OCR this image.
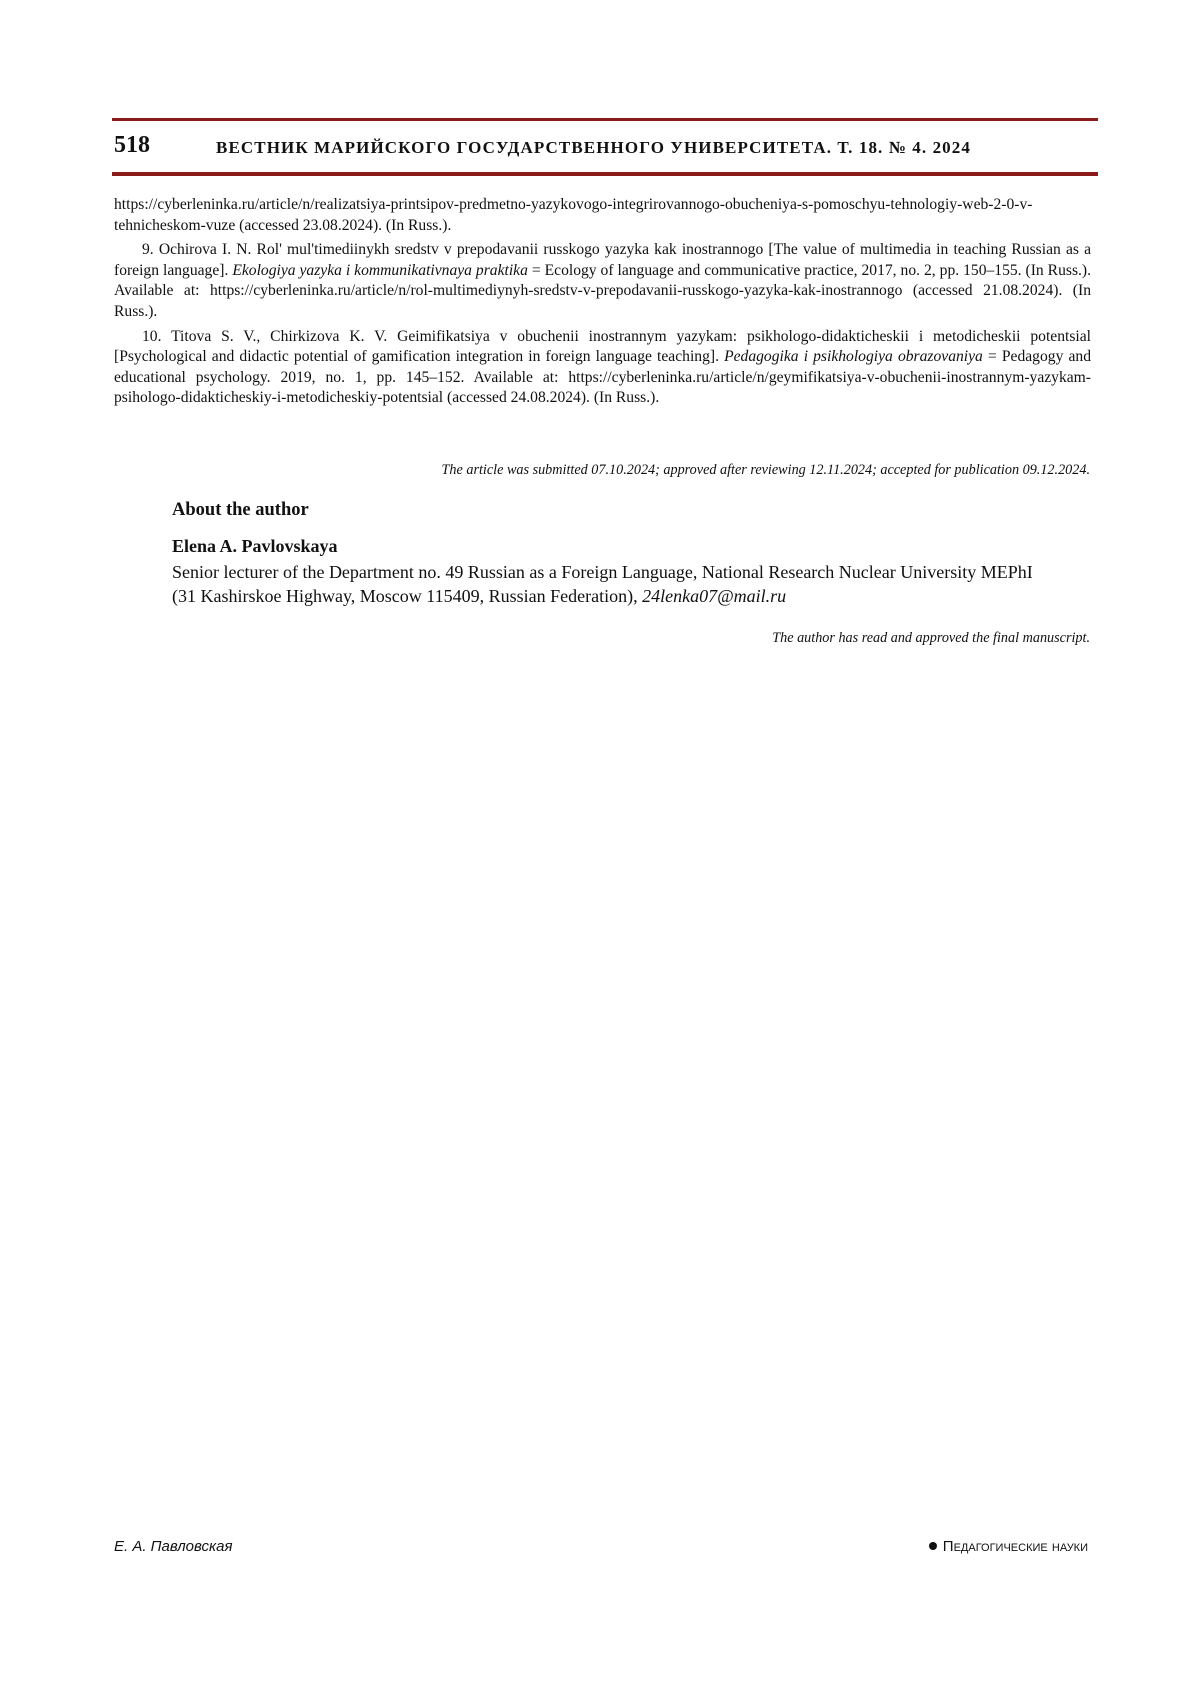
518	ВЕСТНИК МАРИЙСКОГО ГОСУДАРСТВЕННОГО УНИВЕРСИТЕТА. Т. 18. № 4. 2024

https://cyberleninka.ru/article/n/realizatsiya-printsipov-predmetno-yazykovogo-integrirovannogo-obucheniya-s-pomoschyu-tehnologiy-web-2-0-v-tehnicheskom-vuze (accessed 23.08.2024). (In Russ.).

9. Ochirova I. N. Rol' mul'timediinykh sredstv v prepodavanii russkogo yazyka kak inostrannogo [The value of multimedia in teaching Russian as a foreign language]. Ekologiya yazyka i kommunikativnaya praktika = Ecology of language and communicative practice, 2017, no. 2, pp. 150–155. (In Russ.). Available at: https://cyberleninka.ru/article/n/rol-multimediynyh-sredstv-v-prepodavanii-russkogo-yazyka-kak-inostrannogo (accessed 21.08.2024). (In Russ.).

10. Titova S. V., Chirkizova K. V. Geimifikatsiya v obuchenii inostrannym yazykam: psikhologo-didakticheskii i metodicheskii potentsial [Psychological and didactic potential of gamification integration in foreign language teaching]. Pedagogika i psikhologiya obrazovaniya = Pedagogy and educational psychology. 2019, no. 1, pp. 145–152. Available at: https://cyberleninka.ru/article/n/geymifikatsiya-v-obuchenii-inostrannym-yazykam-psihologo-didakticheskiy-i-metodicheskiy-potentsial (accessed 24.08.2024). (In Russ.).

The article was submitted 07.10.2024; approved after reviewing 12.11.2024; accepted for publication 09.12.2024.
About the author
Elena A. Pavlovskaya
Senior lecturer of the Department no. 49 Russian as a Foreign Language, National Research Nuclear University MEPhI (31 Kashirskoe Highway, Moscow 115409, Russian Federation), 24lenka07@mail.ru
The author has read and approved the final manuscript.
Е. А. Павловская	Педагогические науки
